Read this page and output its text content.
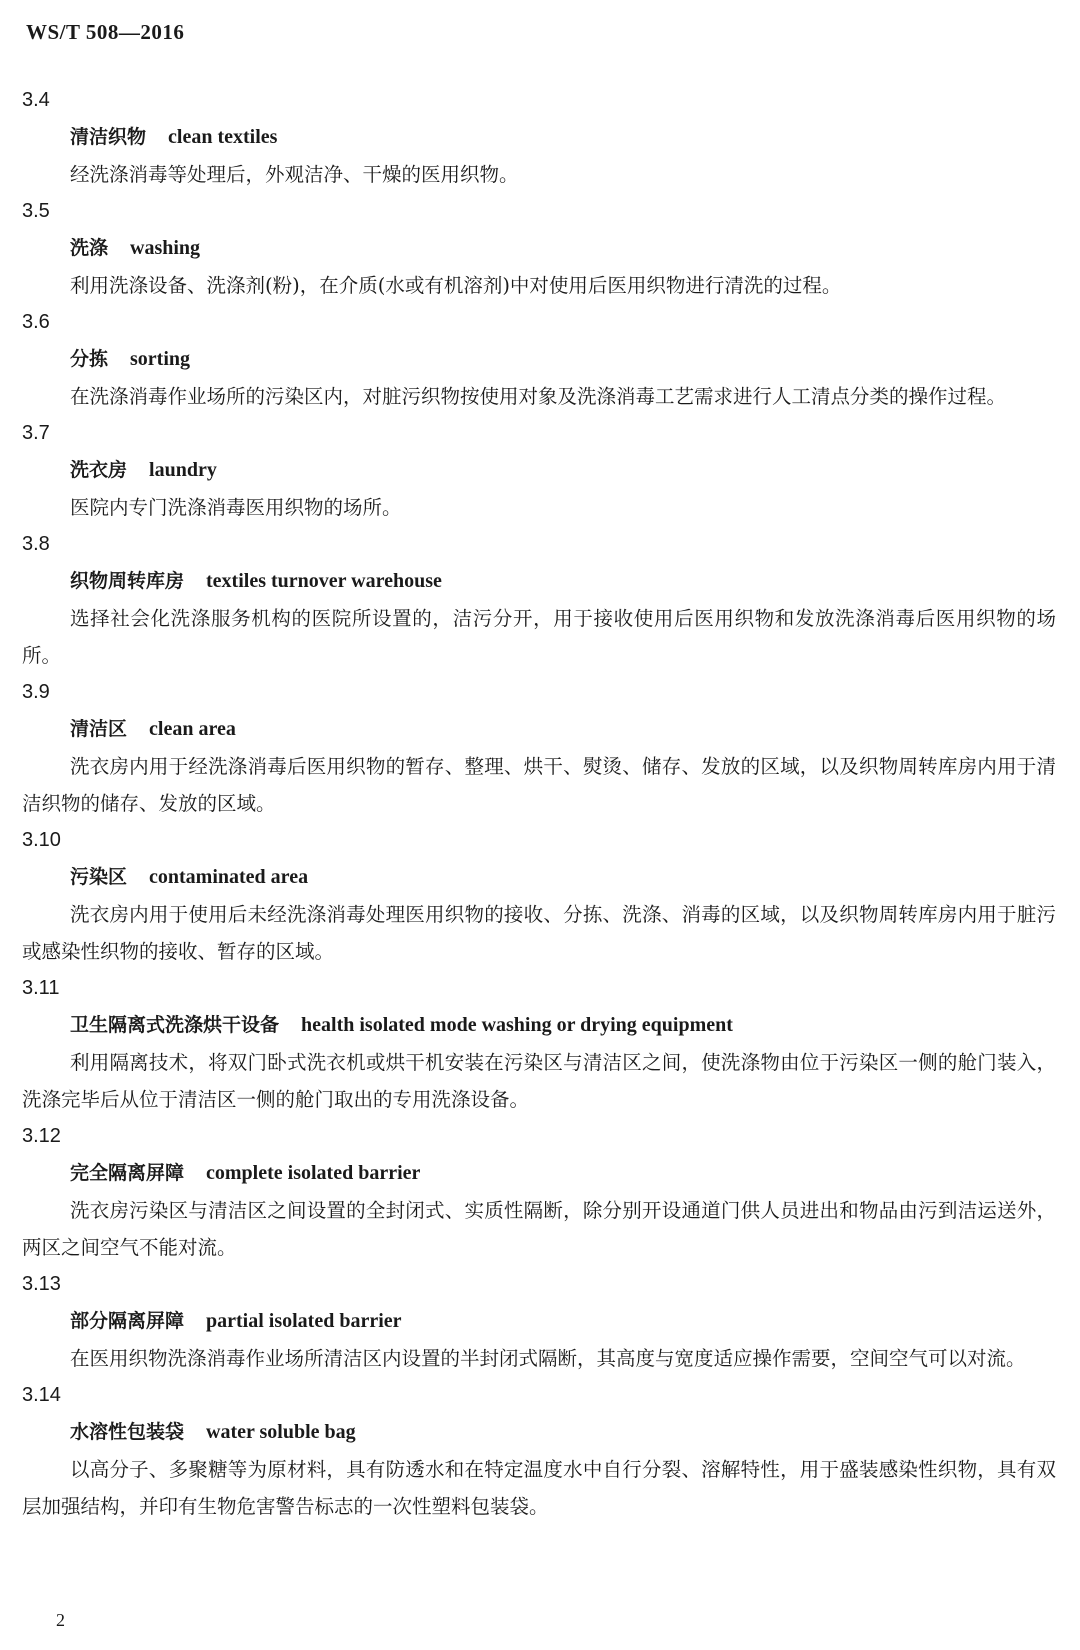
WS/T 508—2016
3.4
清洁织物 clean textiles
经洗涤消毒等处理后，外观洁净、干燥的医用织物。
3.5
洗涤 washing
利用洗涤设备、洗涤剂(粉)，在介质(水或有机溶剂)中对使用后医用织物进行清洗的过程。
3.6
分拣 sorting
在洗涤消毒作业场所的污染区内，对脏污织物按使用对象及洗涤消毒工艺需求进行人工清点分类的操作过程。
3.7
洗衣房 laundry
医院内专门洗涤消毒医用织物的场所。
3.8
织物周转库房 textiles turnover warehouse
选择社会化洗涤服务机构的医院所设置的，洁污分开，用于接收使用后医用织物和发放洗涤消毒后医用织物的场所。
3.9
清洁区 clean area
洗衣房内用于经洗涤消毒后医用织物的暂存、整理、烘干、熨烫、储存、发放的区域，以及织物周转库房内用于清洁织物的储存、发放的区域。
3.10
污染区 contaminated area
洗衣房内用于使用后未经洗涤消毒处理医用织物的接收、分拣、洗涤、消毒的区域，以及织物周转库房内用于脏污或感染性织物的接收、暂存的区域。
3.11
卫生隔离式洗涤烘干设备 health isolated mode washing or drying equipment
利用隔离技术，将双门卧式洗衣机或烘干机安装在污染区与清洁区之间，使洗涤物由位于污染区一侧的舱门装入，洗涤完毕后从位于清洁区一侧的舱门取出的专用洗涤设备。
3.12
完全隔离屏障 complete isolated barrier
洗衣房污染区与清洁区之间设置的全封闭式、实质性隔断，除分别开设通道门供人员进出和物品由污到洁运送外，两区之间空气不能对流。
3.13
部分隔离屏障 partial isolated barrier
在医用织物洗涤消毒作业场所清洁区内设置的半封闭式隔断，其高度与宽度适应操作需要，空间空气可以对流。
3.14
水溶性包装袋 water soluble bag
以高分子、多聚糖等为原材料，具有防透水和在特定温度水中自行分裂、溶解特性，用于盛装感染性织物，具有双层加强结构，并印有生物危害警告标志的一次性塑料包装袋。
2
